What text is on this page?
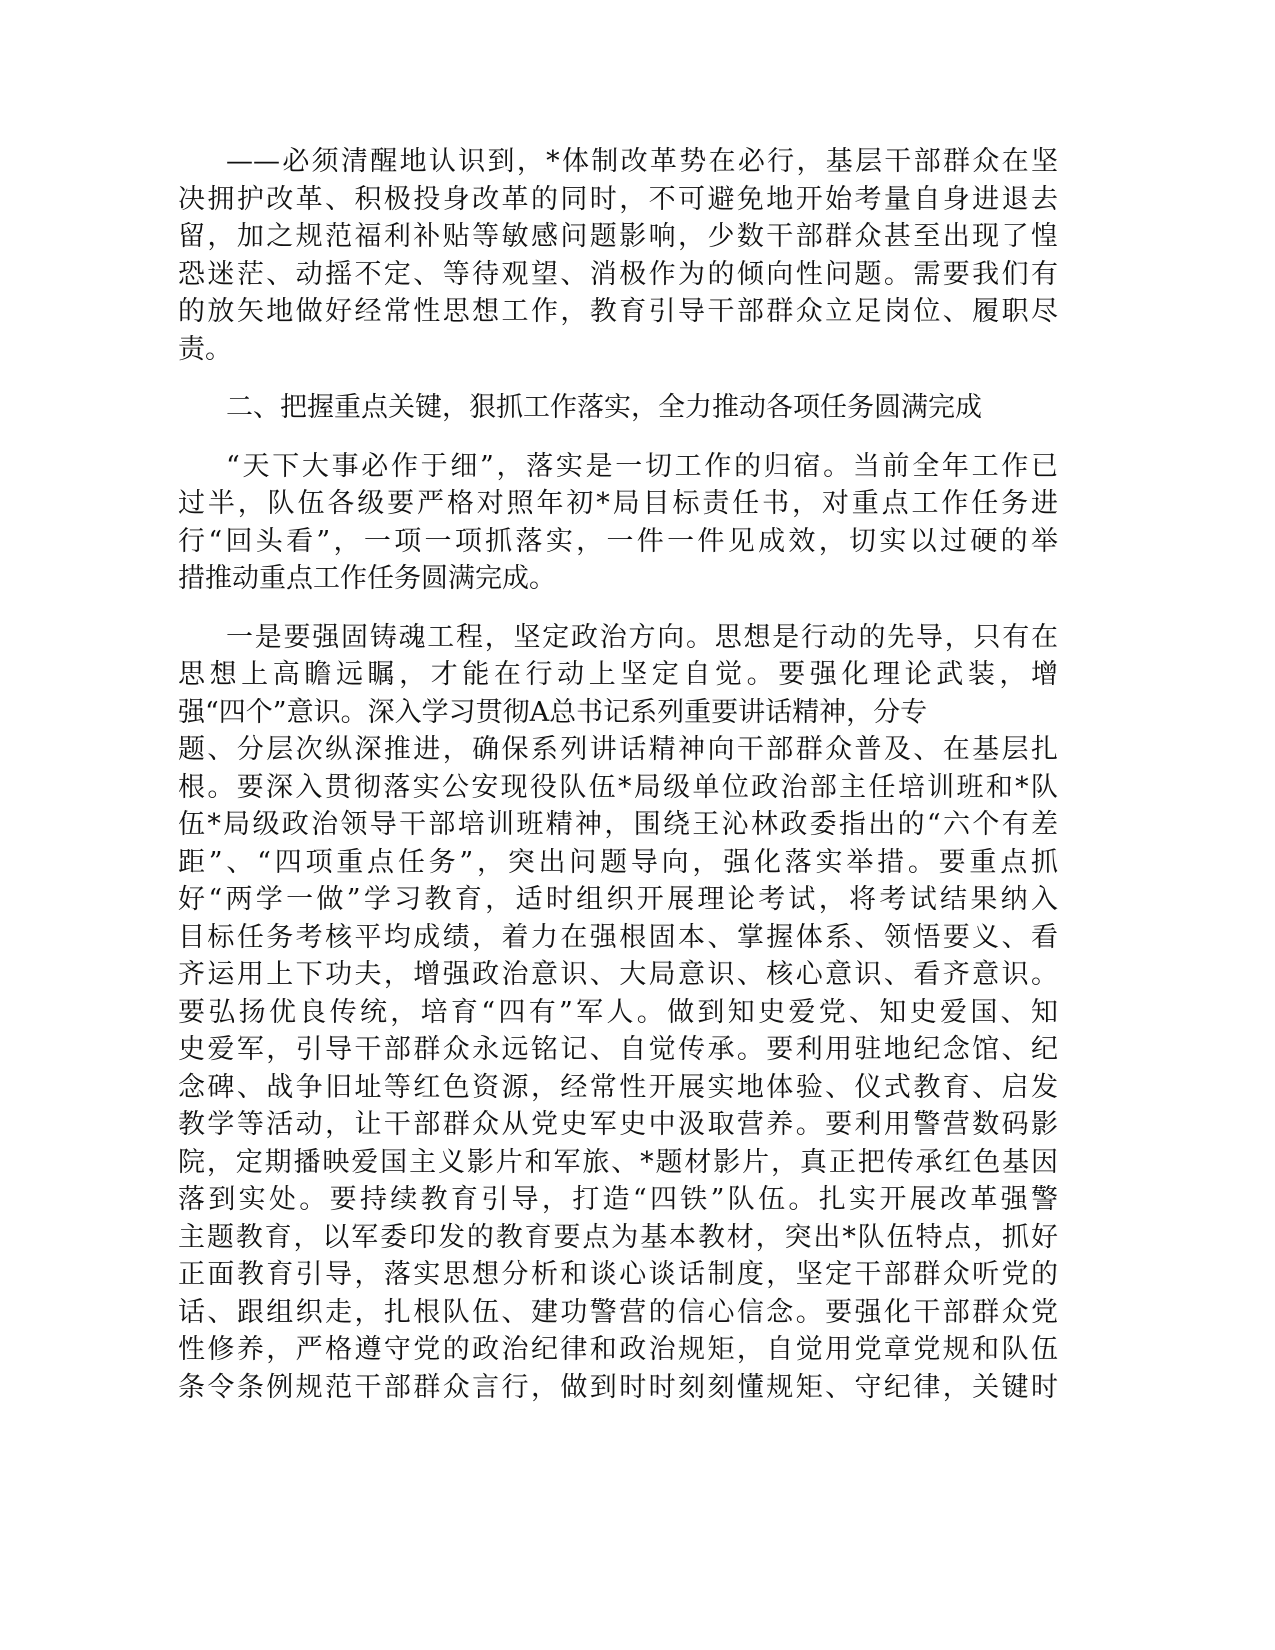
——必须清醒地认识到，*体制改革势在必行，基层干部群众在坚
决拥护改革、积极投身改革的同时，不可避免地开始考量自身进退去
留，加之规范福利补贴等敏感问题影响，少数干部群众甚至出现了惶
恐迷茫、动摇不定、等待观望、消极作为的倾向性问题。需要我们有
的放矢地做好经常性思想工作，教育引导干部群众立足岗位、履职尽
责。
二、把握重点关键，狠抓工作落实，全力推动各项任务圆满完成
“天下大事必作于细”，落实是一切工作的归宿。当前全年工作已
过半，队伍各级要严格对照年初*局目标责任书，对重点工作任务进
行“回头看”，一项一项抓落实，一件一件见成效，切实以过硬的举
措推动重点工作任务圆满完成。
一是要强固铸魂工程，坚定政治方向。思想是行动的先导，只有在
思想上高瞻远瞩，才能在行动上坚定自觉。要强化理论武装，增
强“四个”意识。深入学习贯彻A总书记系列重要讲话精神，分专
题、分层次纵深推进，确保系列讲话精神向干部群众普及、在基层扎
根。要深入贯彻落实公安现役队伍*局级单位政治部主任培训班和*队
伍*局级政治领导干部培训班精神，围绕王沁林政委指出的“六个有差
距”、“四项重点任务”，突出问题导向，强化落实举措。要重点抓
好“两学一做”学习教育，适时组织开展理论考试，将考试结果纳入
目标任务考核平均成绩，着力在强根固本、掌握体系、领悟要义、看
齐运用上下功夫，增强政治意识、大局意识、核心意识、看齐意识。
要弘扬优良传统，培育“四有”军人。做到知史爱党、知史爱国、知
史爱军，引导干部群众永远铭记、自觉传承。要利用驻地纪念馆、纪
念碑、战争旧址等红色资源，经常性开展实地体验、仪式教育、启发
教学等活动，让干部群众从党史军史中汲取营养。要利用警营数码影
院，定期播映爱国主义影片和军旅、*题材影片，真正把传承红色基因
落到实处。要持续教育引导，打造“四铁”队伍。扎实开展改革强警
主题教育，以军委印发的教育要点为基本教材，突出*队伍特点，抓好
正面教育引导，落实思想分析和谈心谈话制度，坚定干部群众听党的
话、跟组织走，扎根队伍、建功警营的信心信念。要强化干部群众党
性修养，严格遵守党的政治纪律和政治规矩，自觉用党章党规和队伍
条令条例规范干部群众言行，做到时时刻刻懂规矩、守纪律，关键时
